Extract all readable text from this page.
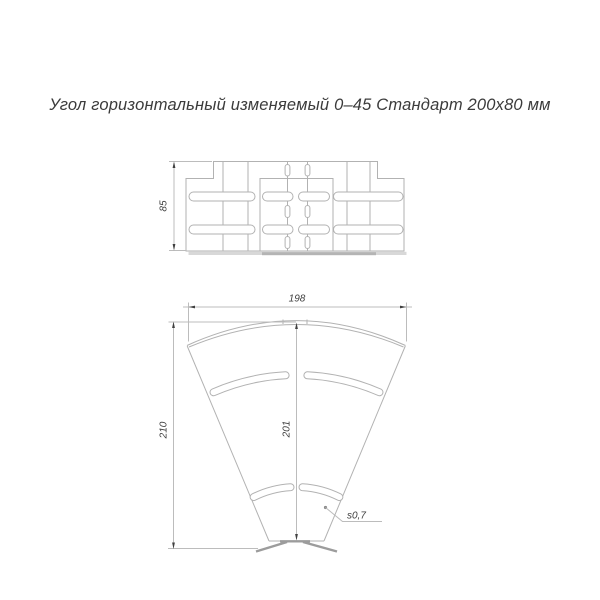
Угол горизонтальный изменяемый 0–45 Стандарт 200х80 мм
85
198
210	201
s0,7
